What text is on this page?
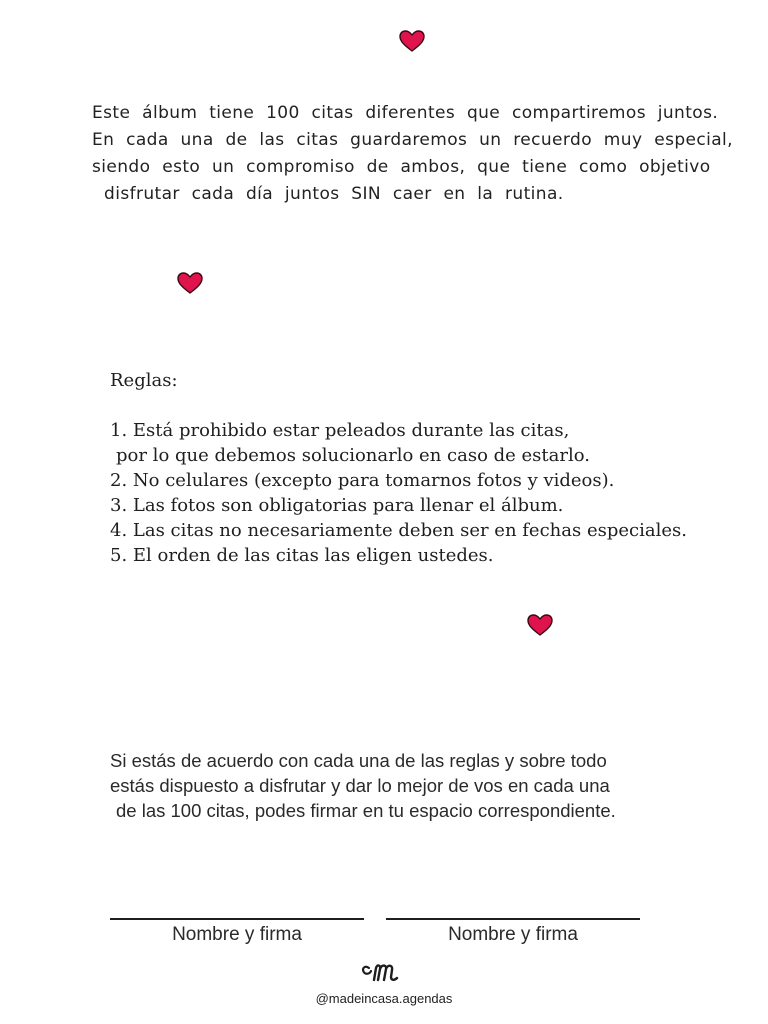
Este álbum tiene 100 citas diferentes que compartiremos juntos.
En cada una de las citas guardaremos un recuerdo muy especial,
siendo esto un compromiso de ambos, que tiene como objetivo
disfrutar cada día juntos SIN caer en la rutina.
Reglas:
1. Está prohibido estar peleados durante las citas,
por lo que debemos solucionarlo en caso de estarlo.
2. No celulares (excepto para tomarnos fotos y videos).
3. Las fotos son obligatorias para llenar el álbum.
4. Las citas no necesariamente deben ser en fechas especiales.
5. El orden de las citas las eligen ustedes.
Si estás de acuerdo con cada una de las reglas y sobre todo
estás dispuesto a disfrutar y dar lo mejor de vos en cada una
de las 100 citas, podes firmar en tu espacio correspondiente.
Nombre y firma	Nombre y firma
@madeincasa.agendas
